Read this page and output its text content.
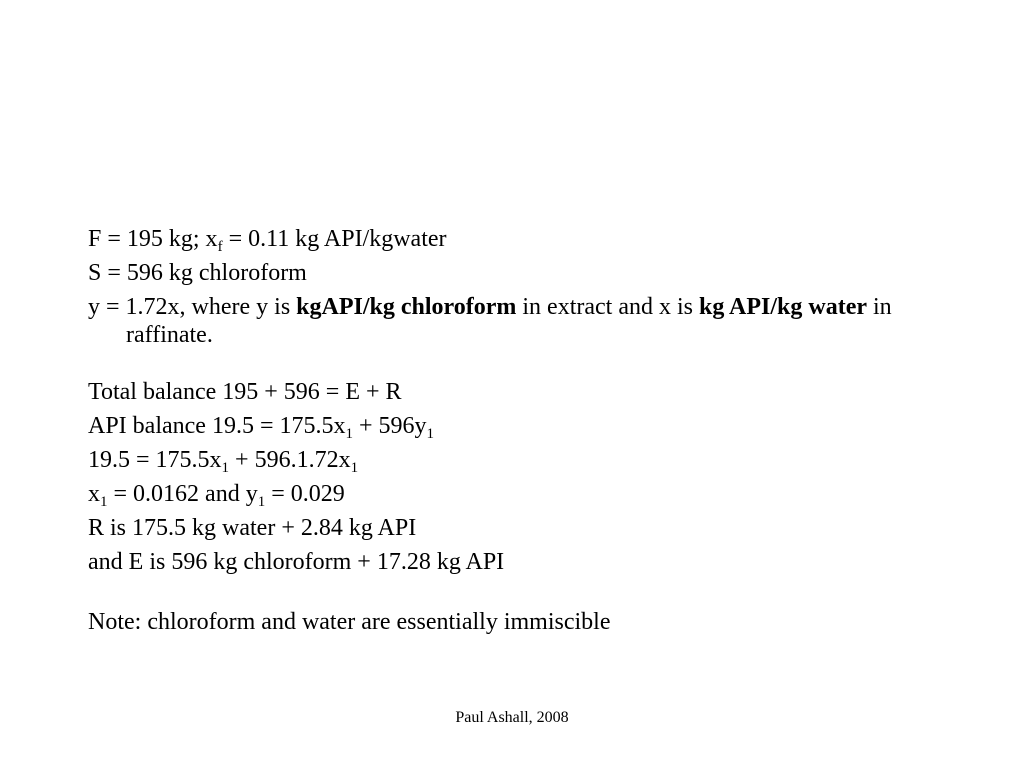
F = 195 kg; $x_f = 0.11$ kg API/kgwater
S = 596 kg chloroform
y = 1.72x, where y is kgAPI/kg chloroform in extract and x is kg API/kg water in raffinate.
Total balance 195 + 596 = E + R
API balance $19.5 = 175.5x_1 + 596y_1$
$19.5 = 175.5x_1 + 596.1.72x_1$
$x_1 = 0.0162$ and $y_1 = 0.029$
R is 175.5 kg water + 2.84 kg API
and E is 596 kg chloroform + 17.28 kg API
Note: chloroform and water are essentially immiscible
Paul Ashall, 2008
